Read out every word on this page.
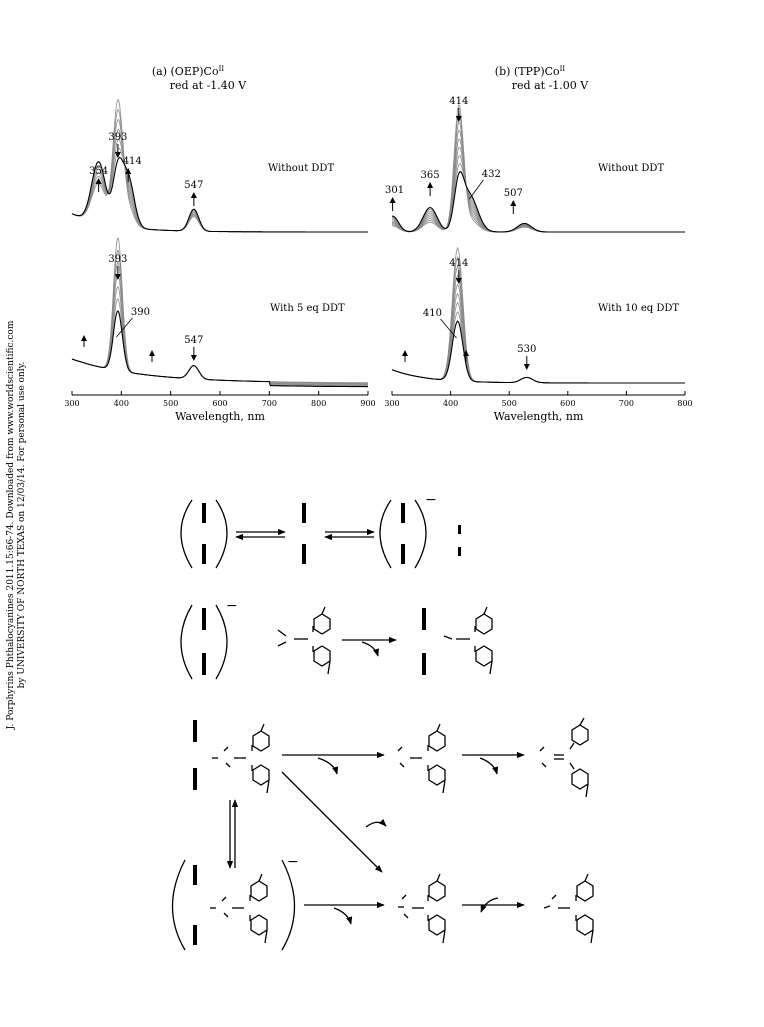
J. Porphyrins Phthalocyanines 2011.15:66-74. Downloaded from www.worldscientific.com by UNIVERSITY OF NORTH TEXAS on 12/03/14. For personal use only.
(a) $(OEP)Co^{II}$
red at -1.40 V
Without DDT
354
393
414
547
With 5 eq DDT
393
390
547
300	400	500	600	700	800	900
Wavelength, nm
(b) $(TPP)Co^{II}$
red at -1.00 V
Without DDT
414
301
365	432
507
With 10 eq DDT
414
410
530
300	400	500	600	700	800
Wavelength, nm
−
−
−
